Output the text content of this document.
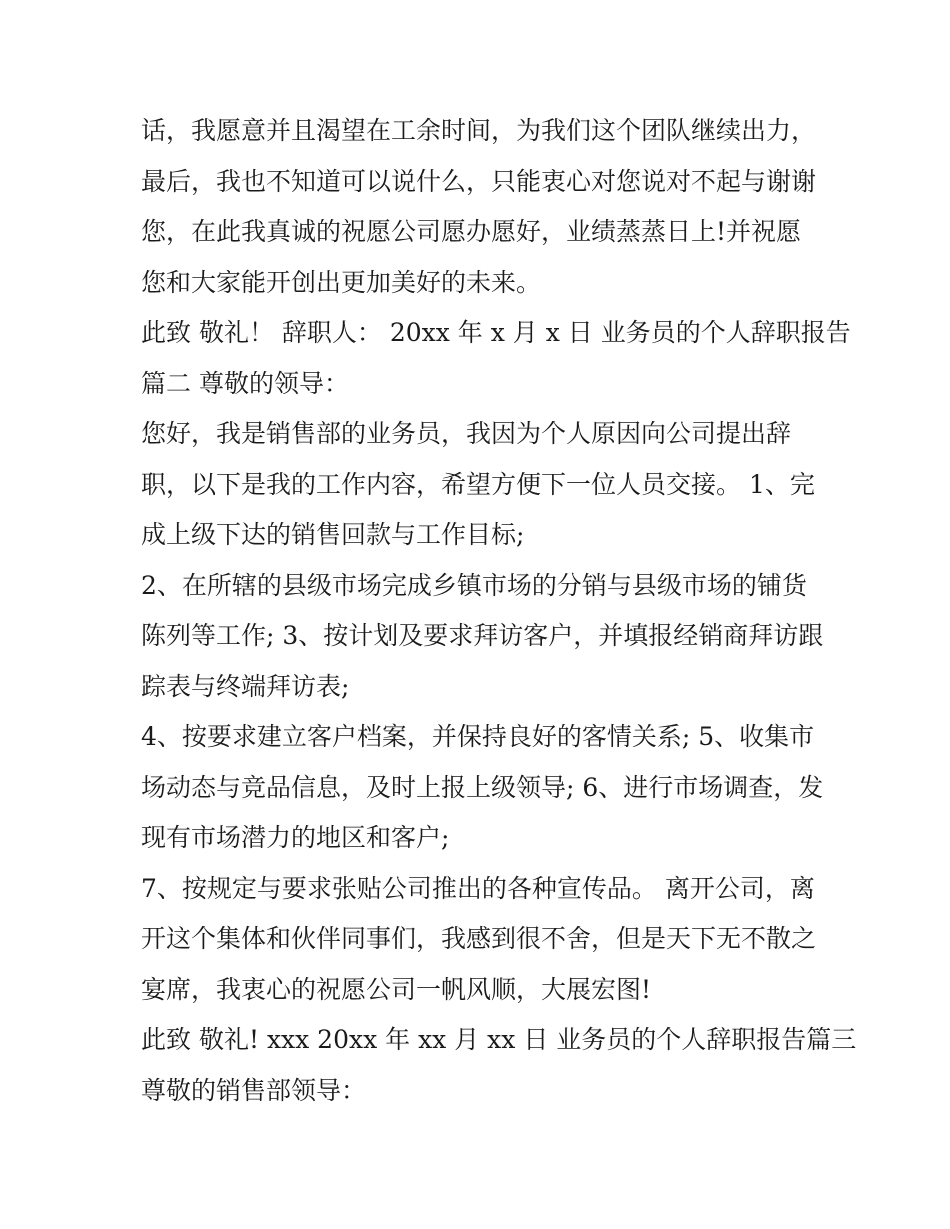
话，我愿意并且渴望在工余时间，为我们这个团队继续出力，
最后，我也不知道可以说什么，只能衷心对您说对不起与谢谢
您，在此我真诚的祝愿公司愿办愿好，业绩蒸蒸日上!并祝愿
您和大家能开创出更加美好的未来。
此致 敬礼！ 辞职人： 20xx 年 x 月 x 日 业务员的个人辞职报告
篇二 尊敬的领导：
您好，我是销售部的业务员，我因为个人原因向公司提出辞
职，以下是我的工作内容，希望方便下一位人员交接。 1、完
成上级下达的销售回款与工作目标;
2、在所辖的县级市场完成乡镇市场的分销与县级市场的铺货
陈列等工作; 3、按计划及要求拜访客户，并填报经销商拜访跟
踪表与终端拜访表;
4、按要求建立客户档案，并保持良好的客情关系; 5、收集市
场动态与竞品信息，及时上报上级领导; 6、进行市场调查，发
现有市场潜力的地区和客户;
7、按规定与要求张贴公司推出的各种宣传品。 离开公司，离
开这个集体和伙伴同事们，我感到很不舍，但是天下无不散之
宴席，我衷心的祝愿公司一帆风顺，大展宏图!
此致 敬礼! xxx 20xx 年 xx 月 xx 日 业务员的个人辞职报告篇三
尊敬的销售部领导：
